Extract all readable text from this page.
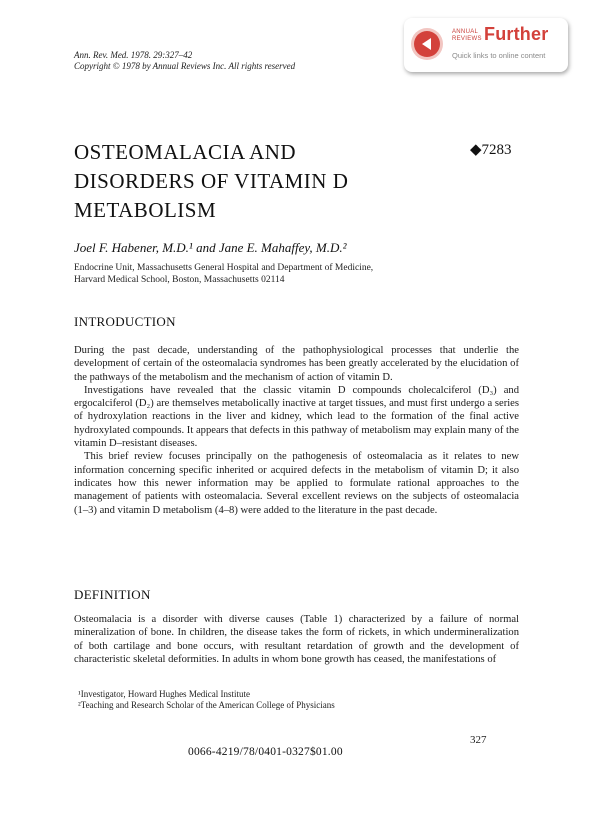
Ann. Rev. Med. 1978. 29:327–42
Copyright © 1978 by Annual Reviews Inc. All rights reserved
ANNUAL
REVIEWS Further
Quick links to online content
OSTEOMALACIA AND
DISORDERS OF VITAMIN D
METABOLISM
◆7283
Joel F. Habener, M.D.¹ and Jane E. Mahaffey, M.D.²
Endocrine Unit, Massachusetts General Hospital and Department of Medicine,
Harvard Medical School, Boston, Massachusetts 02114
INTRODUCTION

During the past decade, understanding of the pathophysiological processes that underlie the development of certain of the osteomalacia syndromes has been greatly accelerated by the elucidation of the pathways of the metabolism and the mechanism of action of vitamin D.

Investigations have revealed that the classic vitamin D compounds cholecalciferol (D₃) and ergocalciferol (D₂) are themselves metabolically inactive at target tissues, and must first undergo a series of hydroxylation reactions in the liver and kidney, which lead to the formation of the final active hydroxylated compounds. It appears that defects in this pathway of metabolism may explain many of the vitamin D–resistant diseases.

This brief review focuses principally on the pathogenesis of osteomalacia as it relates to new information concerning specific inherited or acquired defects in the metabolism of vitamin D; it also indicates how this newer information may be applied to formulate rational approaches to the management of patients with osteomalacia. Several excellent reviews on the subjects of osteomalacia (1–3) and vitamin D metabolism (4–8) were added to the literature in the past decade.

DEFINITION

Osteomalacia is a disorder with diverse causes (Table 1) characterized by a failure of normal mineralization of bone. In children, the disease takes the form of rickets, in which undermineralization of both cartilage and bone occurs, with resultant retardation of growth and the development of characteristic skeletal deformities. In adults in whom bone growth has ceased, the manifestations of

¹Investigator, Howard Hughes Medical Institute
²Teaching and Research Scholar of the American College of Physicians
327
0066-4219/78/0401-0327$01.00
